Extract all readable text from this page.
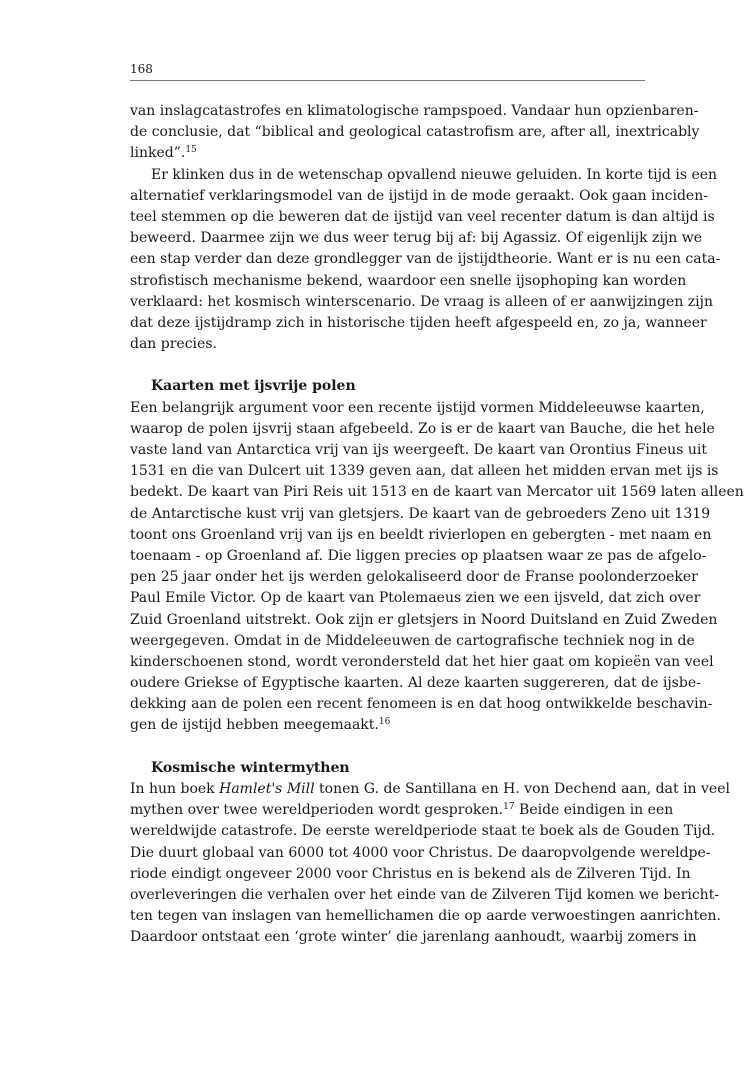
168
van inslagcatastrofes en klimatologische rampspoed. Vandaar hun opzienbaren-
de conclusie, dat “biblical and geological catastrofism are, after all, inextricably
linked”.$^{15}$
Er klinken dus in de wetenschap opvallend nieuwe geluiden. In korte tijd is een
alternatief verklaringsmodel van de ijstijd in de mode geraakt. Ook gaan inciden-
teel stemmen op die beweren dat de ijstijd van veel recenter datum is dan altijd is
beweerd. Daarmee zijn we dus weer terug bij af: bij Agassiz. Of eigenlijk zijn we
een stap verder dan deze grondlegger van de ijstijdtheorie. Want er is nu een cata-
strofistisch mechanisme bekend, waardoor een snelle ijsophoping kan worden
verklaard: het kosmisch winterscenario. De vraag is alleen of er aanwijzingen zijn
dat deze ijstijdramp zich in historische tijden heeft afgespeeld en, zo ja, wanneer
dan precies.
Kaarten met ijsvrije polen
Een belangrijk argument voor een recente ijstijd vormen Middeleeuwse kaarten,
waarop de polen ijsvrij staan afgebeeld. Zo is er de kaart van Bauche, die het hele
vaste land van Antarctica vrij van ijs weergeeft. De kaart van Orontius Fineus uit
1531 en die van Dulcert uit 1339 geven aan, dat alleen het midden ervan met ijs is
bedekt. De kaart van Piri Reis uit 1513 en de kaart van Mercator uit 1569 laten alleen
de Antarctische kust vrij van gletsjers. De kaart van de gebroeders Zeno uit 1319
toont ons Groenland vrij van ijs en beeldt rivierlopen en gebergten - met naam en
toenaam - op Groenland af. Die liggen precies op plaatsen waar ze pas de afgelo-
pen 25 jaar onder het ijs werden gelokaliseerd door de Franse poolonderzoeker
Paul Emile Victor. Op de kaart van Ptolemaeus zien we een ijsveld, dat zich over
Zuid Groenland uitstrekt. Ook zijn er gletsjers in Noord Duitsland en Zuid Zweden
weergegeven. Omdat in de Middeleeuwen de cartografische techniek nog in de
kinderschoenen stond, wordt verondersteld dat het hier gaat om kopieën van veel
oudere Griekse of Egyptische kaarten. Al deze kaarten suggereren, dat de ijsbe-
dekking aan de polen een recent fenomeen is en dat hoog ontwikkelde beschavin-
gen de ijstijd hebben meegemaakt.$^{16}$
Kosmische wintermythen
In hun boek Hamlet's Mill tonen G. de Santillana en H. von Dechend aan, dat in veel
mythen over twee wereldperioden wordt gesproken.$^{17}$ Beide eindigen in een
wereldwijde catastrofe. De eerste wereldperiode staat te boek als de Gouden Tijd.
Die duurt globaal van 6000 tot 4000 voor Christus. De daaropvolgende wereldpe-
riode eindigt ongeveer 2000 voor Christus en is bekend als de Zilveren Tijd. In
overleveringen die verhalen over het einde van de Zilveren Tijd komen we bericht-
ten tegen van inslagen van hemellichamen die op aarde verwoestingen aanrichten.
Daardoor ontstaat een ‘grote winter’ die jarenlang aanhoudt, waarbij zomers in
